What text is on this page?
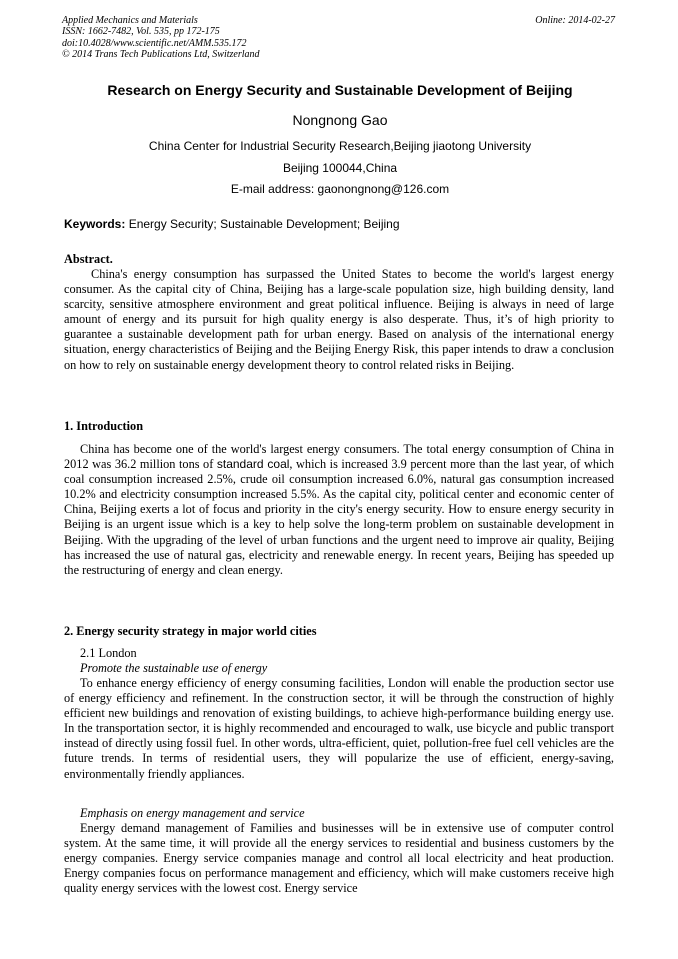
Applied Mechanics and Materials
ISSN: 1662-7482, Vol. 535, pp 172-175
doi:10.4028/www.scientific.net/AMM.535.172
© 2014 Trans Tech Publications Ltd, Switzerland
Online: 2014-02-27
Research on Energy Security and Sustainable Development of Beijing
Nongnong Gao
China Center for Industrial Security Research,Beijing jiaotong University
Beijing 100044,China
E-mail address: gaonongnong@126.com
Keywords: Energy Security; Sustainable Development; Beijing
Abstract.

China's energy consumption has surpassed the United States to become the world's largest energy consumer. As the capital city of China, Beijing has a large-scale population size, high building density, land scarcity, sensitive atmosphere environment and great political influence. Beijing is always in need of large amount of energy and its pursuit for high quality energy is also desperate. Thus, it’s of high priority to guarantee a sustainable development path for urban energy. Based on analysis of the international energy situation, energy characteristics of Beijing and the Beijing Energy Risk, this paper intends to draw a conclusion on how to rely on sustainable energy development theory to control related risks in Beijing.

1. Introduction

China has become one of the world's largest energy consumers. The total energy consumption of China in 2012 was 36.2 million tons of standard coal, which is increased 3.9 percent more than the last year, of which coal consumption increased 2.5%, crude oil consumption increased 6.0%, natural gas consumption increased 10.2% and electricity consumption increased 5.5%. As the capital city, political center and economic center of China, Beijing exerts a lot of focus and priority in the city's energy security. How to ensure energy security in Beijing is an urgent issue which is a key to help solve the long-term problem on sustainable development in Beijing. With the upgrading of the level of urban functions and the urgent need to improve air quality, Beijing has increased the use of natural gas, electricity and renewable energy. In recent years, Beijing has speeded up the restructuring of energy and clean energy.

2. Energy security strategy in major world cities
2.1 London
Promote the sustainable use of energy

To enhance energy efficiency of energy consuming facilities, London will enable the production sector use of energy efficiency and refinement. In the construction sector, it will be through the construction of highly efficient new buildings and renovation of existing buildings, to achieve high-performance building energy use. In the transportation sector, it is highly recommended and encouraged to walk, use bicycle and public transport instead of directly using fossil fuel. In other words, ultra-efficient, quiet, pollution-free fuel cell vehicles are the future trends. In terms of residential users, they will popularize the use of efficient, energy-saving, environmentally friendly appliances.

Emphasis on energy management and service

Energy demand management of Families and businesses will be in extensive use of computer control system. At the same time, it will provide all the energy services to residential and business customers by the energy companies. Energy service companies manage and control all local electricity and heat production. Energy companies focus on performance management and efficiency, which will make customers receive high quality energy services with the lowest cost. Energy service
